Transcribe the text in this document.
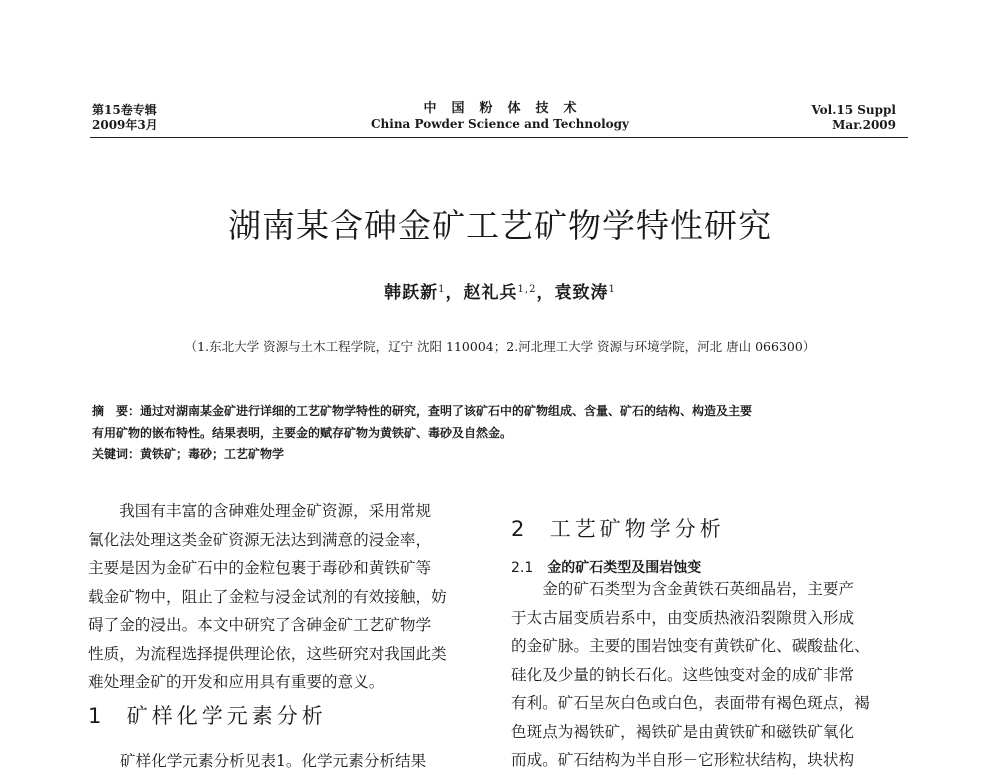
第15卷专辑
2009年3月
中国粉体技术
China Powder Science and Technology
Vol.15 Suppl
Mar.2009
湖南某含砷金矿工艺矿物学特性研究
韩跃新$^1$，赵礼兵$^{1,2}$，袁致涛$^1$
（1.东北大学 资源与土木工程学院，辽宁 沈阳 110004；2.河北理工大学 资源与环境学院，河北 唐山 066300）
摘　要：通过对湖南某金矿进行详细的工艺矿物学特性的研究，查明了该矿石中的矿物组成、含量、矿石的结构、构造及主要
有用矿物的嵌布特性。结果表明，主要金的赋存矿物为黄铁矿、毒砂及自然金。
关键词：黄铁矿；毒砂；工艺矿物学
　　我国有丰富的含砷难处理金矿资源，采用常规
氰化法处理这类金矿资源无法达到满意的浸金率，
主要是因为金矿石中的金粒包裹于毒砂和黄铁矿等
载金矿物中，阻止了金粒与浸金试剂的有效接触，妨
碍了金的浸出。本文中研究了含砷金矿工艺矿物学
性质，为流程选择提供理论依，这些研究对我国此类
难处理金矿的开发和应用具有重要的意义。
1 矿样化学元素分析
矿样化学元素分析见表1。化学元素分析结果
2 工艺矿物学分析
2.1 金的矿石类型及围岩蚀变
　　金的矿石类型为含金黄铁石英细晶岩，主要产
于太古届变质岩系中，由变质热液沿裂隙贯入形成
的金矿脉。主要的围岩蚀变有黄铁矿化、碳酸盐化、
硅化及少量的钠长石化。这些蚀变对金的成矿非常
有利。矿石呈灰白色或白色，表面带有褐色斑点，褐
色斑点为褐铁矿，褐铁矿是由黄铁矿和磁铁矿氧化
而成。矿石结构为半自形－它形粒状结构，块状构
